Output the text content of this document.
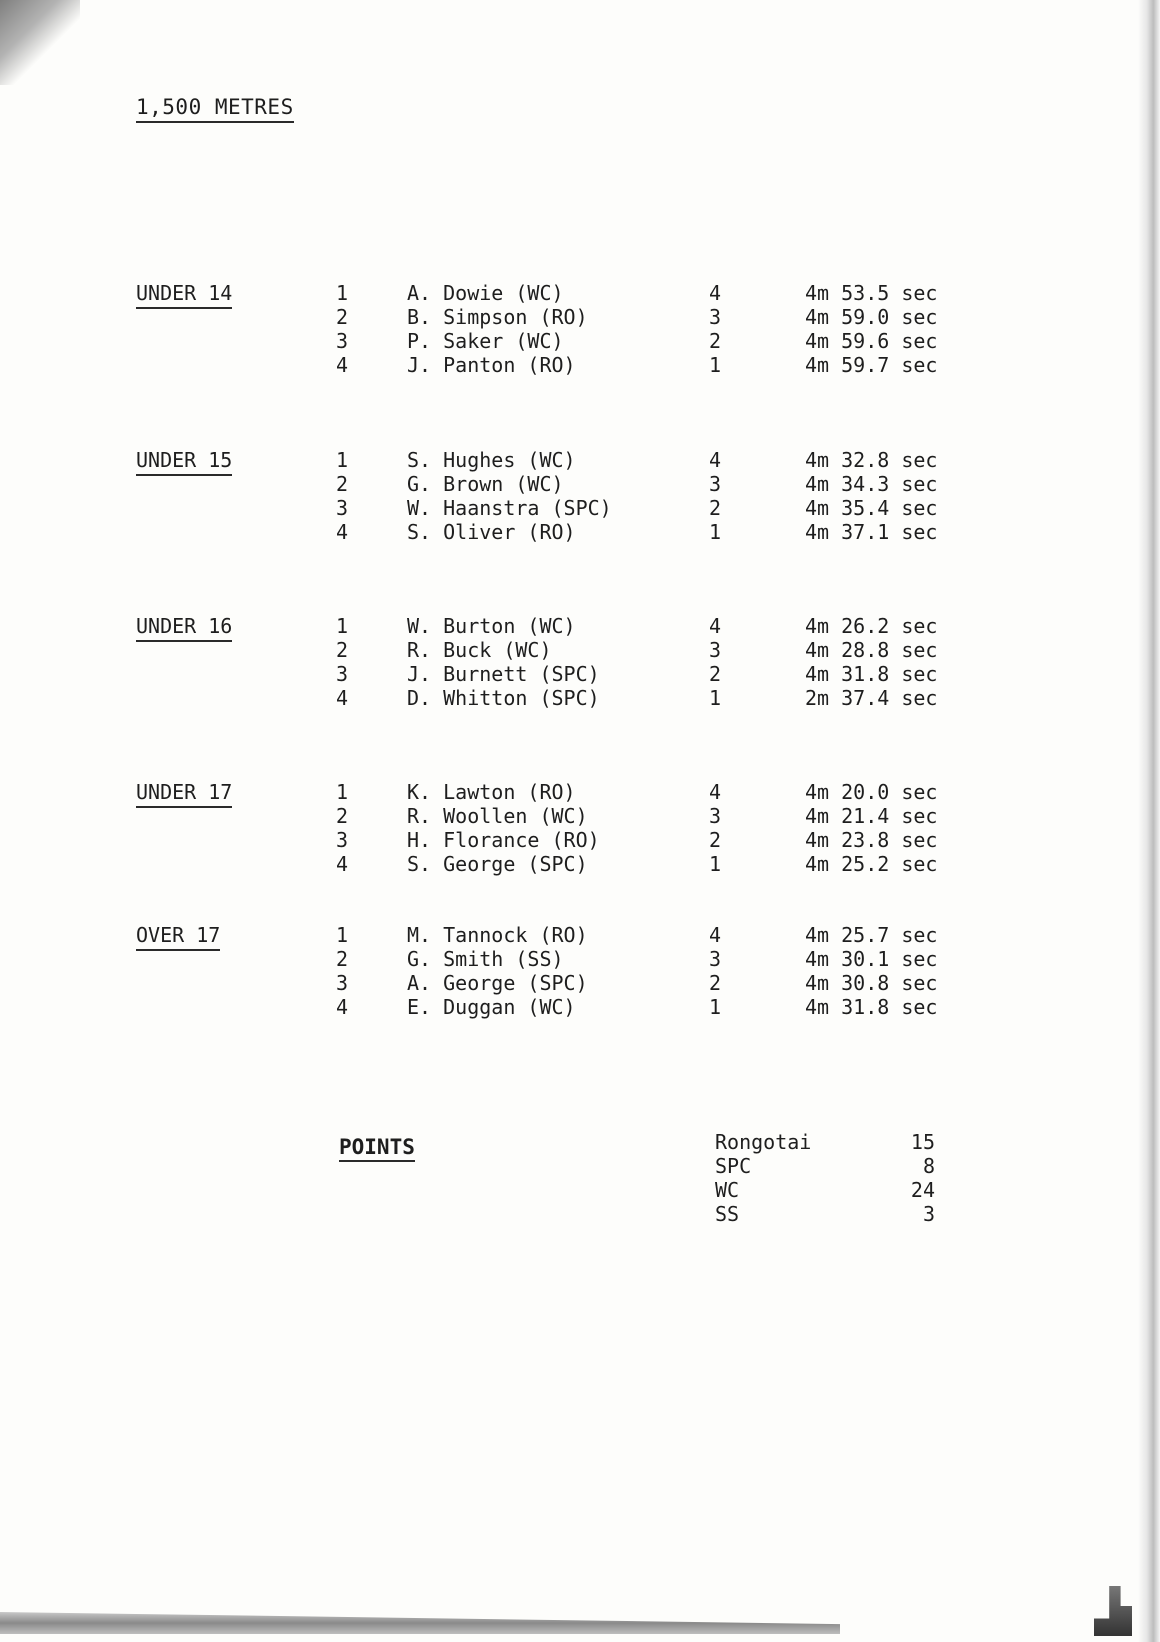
1,500 METRES
UNDER 14	1	A. Dowie (WC)	4	4m 53.5 sec
2	B. Simpson (RO)	3	4m 59.0 sec
3	P. Saker (WC)	2	4m 59.6 sec
4	J. Panton (RO)	1	4m 59.7 sec
UNDER 15	1	S. Hughes (WC)	4	4m 32.8 sec
2	G. Brown (WC)	3	4m 34.3 sec
3	W. Haanstra (SPC)	2	4m 35.4 sec
4	S. Oliver (RO)	1	4m 37.1 sec
UNDER 16	1	W. Burton (WC)	4	4m 26.2 sec
2	R. Buck (WC)	3	4m 28.8 sec
3	J. Burnett (SPC)	2	4m 31.8 sec
4	D. Whitton (SPC)	1	2m 37.4 sec
UNDER 17	1	K. Lawton (RO)	4	4m 20.0 sec
2	R. Woollen (WC)	3	4m 21.4 sec
3	H. Florance (RO)	2	4m 23.8 sec
4	S. George (SPC)	1	4m 25.2 sec
OVER 17	1	M. Tannock (RO)	4	4m 25.7 sec
2	G. Smith (SS)	3	4m 30.1 sec
3	A. George (SPC)	2	4m 30.8 sec
4	E. Duggan (WC)	1	4m 31.8 sec
POINTS	Rongotai	15
SPC	8
WC	24
SS	3
